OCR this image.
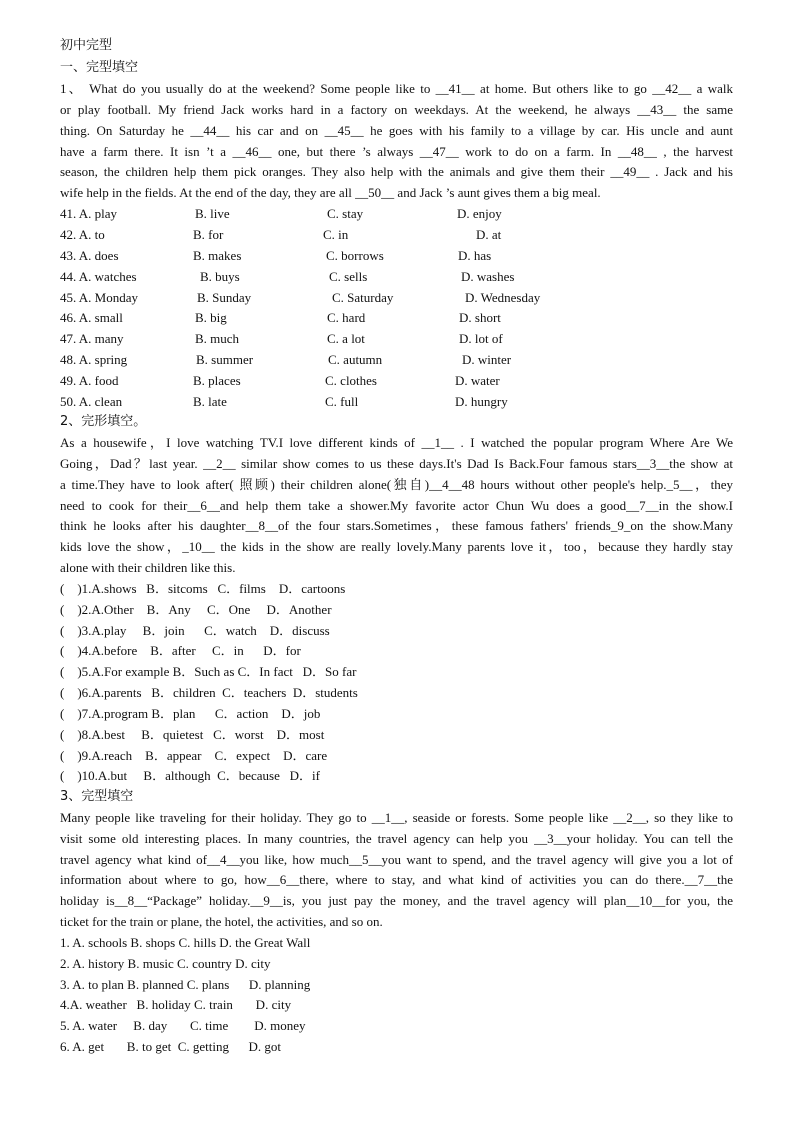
初中完型
一、完型填空
1、 What do you usually do at the weekend? Some people like to __41__ at home. But others like to go __42__ a walk
or play football. My friend Jack works hard in a factory on weekdays. At the weekend, he always __43__ the same
thing. On Saturday he __44__ his car and on __45__ he goes with his family to a village by car. His uncle and aunt
have a farm there. It isn ’t a __46__ one, but there ’s always __47__ work to do on a farm. In __48__ , the harvest
season, the children help them pick oranges. They also help with the animals and give them their __49__ . Jack and his
wife help in the fields. At the end of the day, they are all __50__ and Jack ’s aunt gives them a big meal.
41. A. play	B. live	C. stay	D. enjoy
42. A. to	B. for	C. in	D. at
43. A. does	B. makes	C. borrows	D. has
44. A. watches	B. buys	C. sells	D. washes
45. A. Monday	B. Sunday	C. Saturday	D. Wednesday
46. A. small	B. big	C. hard	D. short
47. A. many	B. much	C. a lot	D. lot of
48. A. spring	B. summer	C. autumn	D. winter
49. A. food	B. places	C. clothes	D. water
50. A. clean	B. late	C. full	D. hungry
2、完形填空。
As a housewife，I love watching TV.I love different kinds of __1__ . I watched the popular program Where Are We
Going，Dad？last year. __2__ similar show comes to us these days.It's Dad Is Back.Four famous stars__3__the show at
a time.They have to look after( 照顾) their children alone(独自)__4__48 hours without other people's help._5__，they
need to cook for their__6__and help them take a shower.My favorite actor Chun Wu does a good__7__in the show.I
think he looks after his daughter__8__of the four stars.Sometimes，these famous fathers' friends_9_on the show.Many
kids love the show，_10__ the kids in the show are really lovely.Many parents love it，too，because they hardly stay
alone with their children like this.
(    )1.A.shows   B．sitcoms   C．films    D．cartoons
(    )2.A.Other    B．Any     C．One     D．Another
(    )3.A.play     B．join      C．watch    D．discuss
(    )4.A.before    B．after     C．in      D．for
(    )5.A.For example B．Such as C．In fact   D．So far
(    )6.A.parents   B．children  C．teachers  D．students
(    )7.A.program B．plan      C．action    D．job
(    )8.A.best     B．quietest   C．worst    D．most
(    )9.A.reach    B．appear    C．expect    D．care
(    )10.A.but     B．although  C．because   D．if
3、完型填空
Many people like traveling for their holiday. They go to __1__, seaside or forests. Some people like __2__, so they like to
visit some old interesting places. In many countries, the travel agency can help you __3__your holiday. You can tell the
travel agency what kind of__4__you like, how much__5__you want to spend, and the travel agency will give you a lot of
information about where to go, how__6__there, where to stay, and what kind of activities you can do there.__7__the
holiday is__8__“Package” holiday.__9__is, you just pay the money, and the travel agency will plan__10__for you, the
ticket for the train or plane, the hotel, the activities, and so on.
1. A. schools B. shops C. hills D. the Great Wall
2. A. history B. music C. country D. city
3. A. to plan B. planned C. plans      D. planning
4.A. weather   B. holiday C. train       D. city
5. A. water     B. day       C. time        D. money
6. A. get       B. to get  C. getting      D. got
